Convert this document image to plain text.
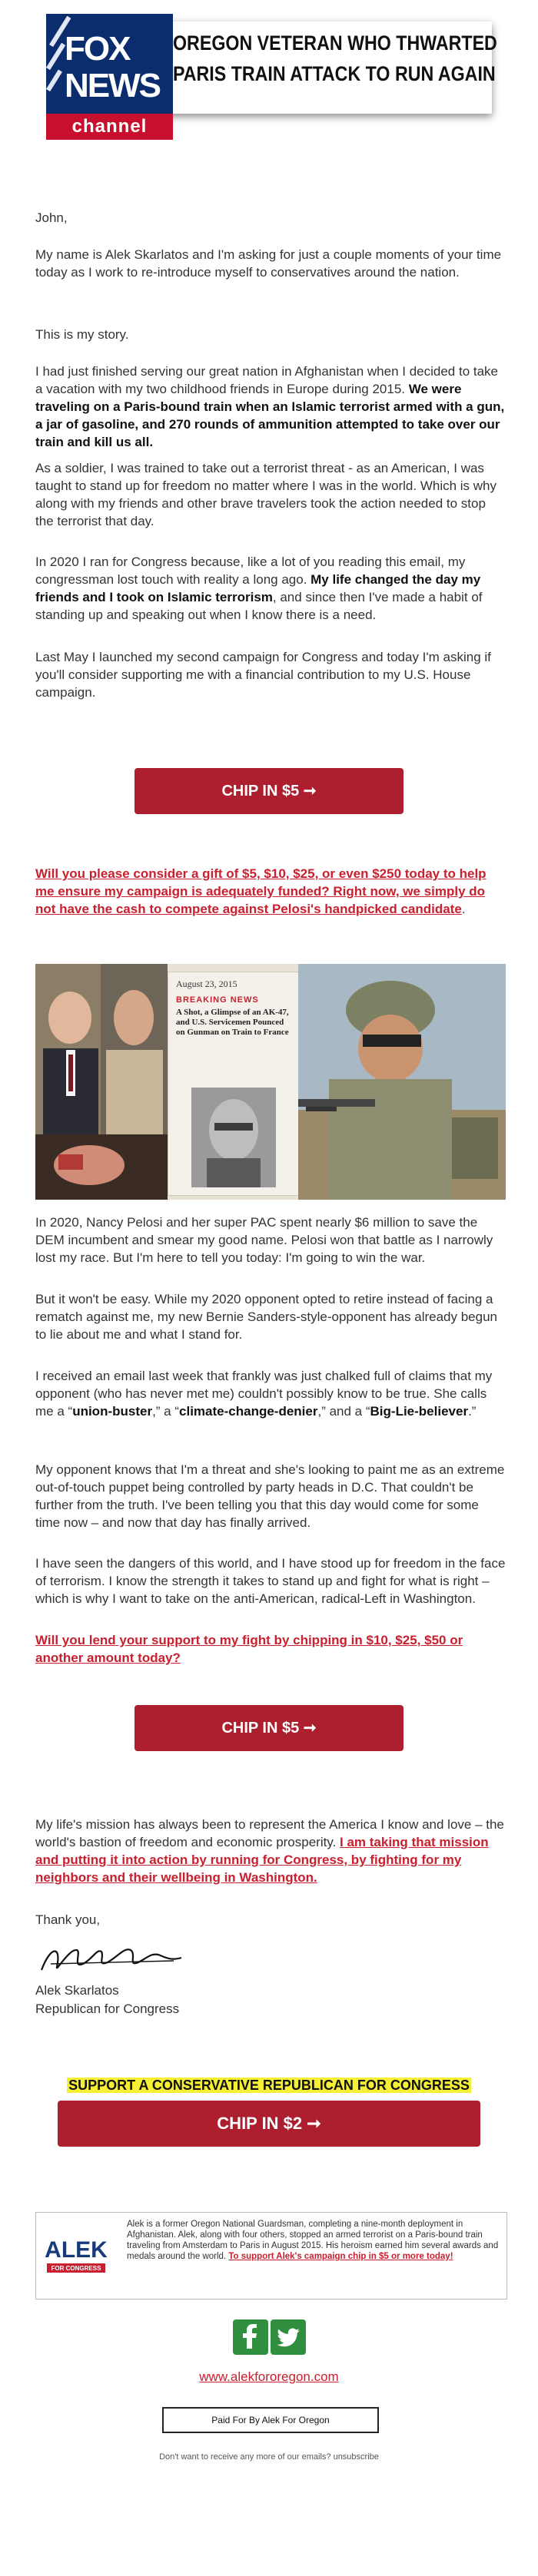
OREGON VETERAN WHO THWARTED
PARIS TRAIN ATTACK TO RUN AGAIN
FOX
NEWS
channel

John,

My name is Alek Skarlatos and I'm asking for just a couple moments of your time today as I work to re-introduce myself to conservatives around the nation.

This is my story.

I had just finished serving our great nation in Afghanistan when I decided to take a vacation with my two childhood friends in Europe during 2015. We were traveling on a Paris-bound train when an Islamic terrorist armed with a gun, a jar of gasoline, and 270 rounds of ammunition attempted to take over our train and kill us all.

As a soldier, I was trained to take out a terrorist threat - as an American, I was taught to stand up for freedom no matter where I was in the world. Which is why along with my friends and other brave travelers took the action needed to stop the terrorist that day.

In 2020 I ran for Congress because, like a lot of you reading this email, my congressman lost touch with reality a long ago. My life changed the day my friends and I took on Islamic terrorism, and since then I've made a habit of standing up and speaking out when I know there is a need.

Last May I launched my second campaign for Congress and today I'm asking if you'll consider supporting me with a financial contribution to my U.S. House campaign.

CHIP IN $5 ➞

Will you please consider a gift of $5, $10, $25, or even $250 today to help me ensure my campaign is adequately funded? Right now, we simply do not have the cash to compete against Pelosi's handpicked candidate.

August 23, 2015
BREAKING NEWS
A Shot, a Glimpse of an AK-47, and U.S. Servicemen Pounced on Gunman on Train to France

In 2020, Nancy Pelosi and her super PAC spent nearly $6 million to save the DEM incumbent and smear my good name. Pelosi won that battle as I narrowly lost my race. But I'm here to tell you today: I'm going to win the war.

But it won't be easy. While my 2020 opponent opted to retire instead of facing a rematch against me, my new Bernie Sanders-style-opponent has already begun to lie about me and what I stand for.

I received an email last week that frankly was just chalked full of claims that my opponent (who has never met me) couldn't possibly know to be true. She calls me a “union-buster,” a “climate-change-denier,” and a “Big-Lie-believer.”

My opponent knows that I'm a threat and she's looking to paint me as an extreme out-of-touch puppet being controlled by party heads in D.C. That couldn't be further from the truth. I've been telling you that this day would come for some time now – and now that day has finally arrived.

I have seen the dangers of this world, and I have stood up for freedom in the face of terrorism. I know the strength it takes to stand up and fight for what is right – which is why I want to take on the anti-American, radical-Left in Washington.

Will you lend your support to my fight by chipping in $10, $25, $50 or another amount today?

CHIP IN $5 ➞

My life's mission has always been to represent the America I know and love – the world's bastion of freedom and economic prosperity. I am taking that mission and putting it into action by running for Congress, by fighting for my neighbors and their wellbeing in Washington.

Thank you,

Alek Skarlatos

Republican for Congress

SUPPORT A CONSERVATIVE REPUBLICAN FOR CONGRESS
CHIP IN $2 ➞
ALEK
FOR CONGRESS
Alek is a former Oregon National Guardsman, completing a nine-month deployment in Afghanistan. Alek, along with four others, stopped an armed terrorist on a Paris-bound train traveling from Amsterdam to Paris in August 2015. His heroism earned him several awards and medals around the world. To support Alek's campaign chip in $5 or more today!
www.alekfororegon.com
Paid For By Alek For Oregon
Don't want to receive any more of our emails? unsubscribe
